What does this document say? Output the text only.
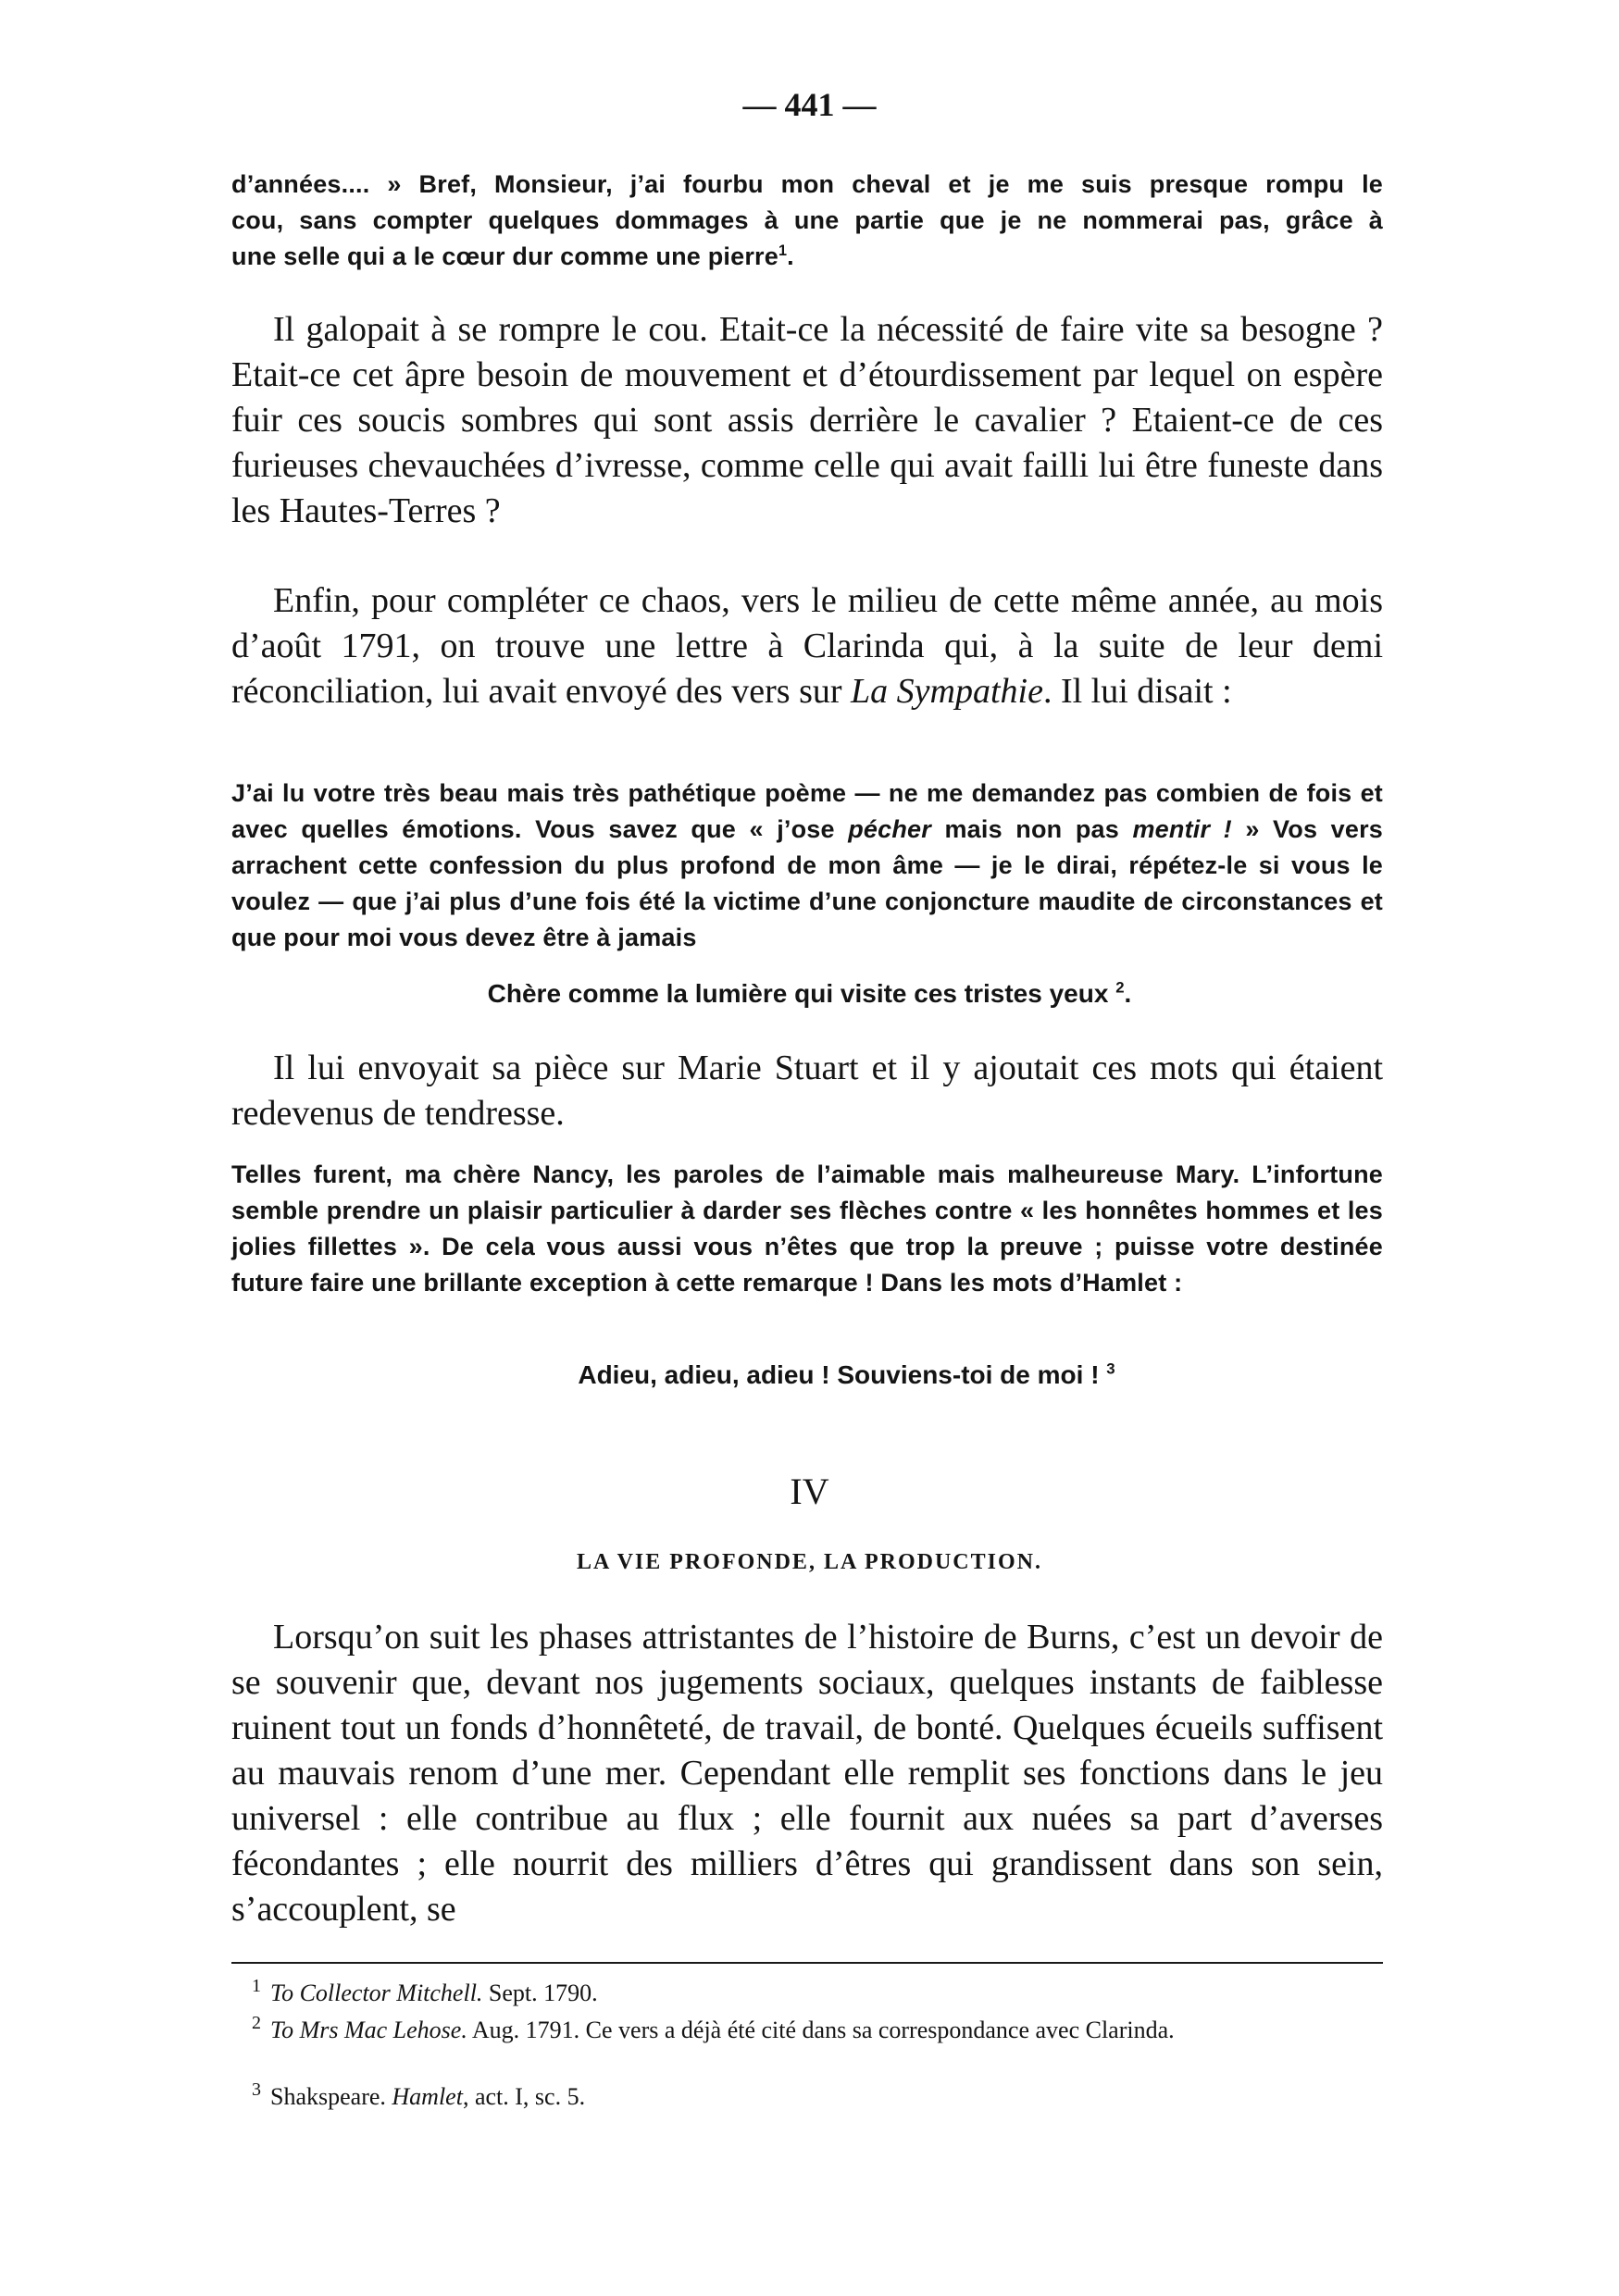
— 441 —
d’années.... » Bref, Monsieur, j’ai fourbu mon cheval et je me suis presque rompu le
cou, sans compter quelques dommages à une partie que je ne nommerai pas, grâce à
une selle qui a le cœur dur comme une pierre$^1$.

Il galopait à se rompre le cou. Etait-ce la nécessité de faire vite sa besogne ? Etait-ce cet âpre besoin de mouvement et d’étourdissement par lequel on espère fuir ces soucis sombres qui sont assis derrière le cavalier ? Etaient-ce de ces furieuses chevauchées d’ivresse, comme celle qui avait failli lui être funeste dans les Hautes-Terres ?

Enfin, pour compléter ce chaos, vers le milieu de cette même année, au mois d’août 1791, on trouve une lettre à Clarinda qui, à la suite de leur demi réconciliation, lui avait envoyé des vers sur La Sympathie. Il lui disait :

J’ai lu votre très beau mais très pathétique poème — ne me demandez pas combien de fois et avec quelles émotions. Vous savez que « j’ose pécher mais non pas mentir ! » Vos vers arrachent cette confession du plus profond de mon âme — je le dirai, répétez-le si vous le voulez — que j’ai plus d’une fois été la victime d’une conjoncture maudite de circonstances et que pour moi vous devez être à jamais
Chère comme la lumière qui visite ces tristes yeux $^2$.

Il lui envoyait sa pièce sur Marie Stuart et il y ajoutait ces mots qui étaient redevenus de tendresse.

Telles furent, ma chère Nancy, les paroles de l’aimable mais malheureuse Mary. L’infortune semble prendre un plaisir particulier à darder ses flèches contre « les honnêtes hommes et les jolies fillettes ». De cela vous aussi vous n’êtes que trop la preuve ; puisse votre destinée future faire une brillante exception à cette remarque ! Dans les mots d’Hamlet :
Adieu, adieu, adieu ! Souviens-toi de moi ! $^3$
IV
LA VIE PROFONDE, LA PRODUCTION.

Lorsqu’on suit les phases attristantes de l’histoire de Burns, c’est un devoir de se souvenir que, devant nos jugements sociaux, quelques instants de faiblesse ruinent tout un fonds d’honnêteté, de travail, de bonté. Quelques écueils suffisent au mauvais renom d’une mer. Cependant elle remplit ses fonctions dans le jeu universel : elle contribue au flux ; elle fournit aux nuées sa part d’averses fécondantes ; elle nourrit des milliers d’êtres qui grandissent dans son sein, s’accouplent, se

$^1$ To Collector Mitchell. Sept. 1790.
$^2$ To Mrs Mac Lehose. Aug. 1791. Ce vers a déjà été cité dans sa correspondance avec Clarinda.
$^3$ Shakspeare. Hamlet, act. I, sc. 5.
